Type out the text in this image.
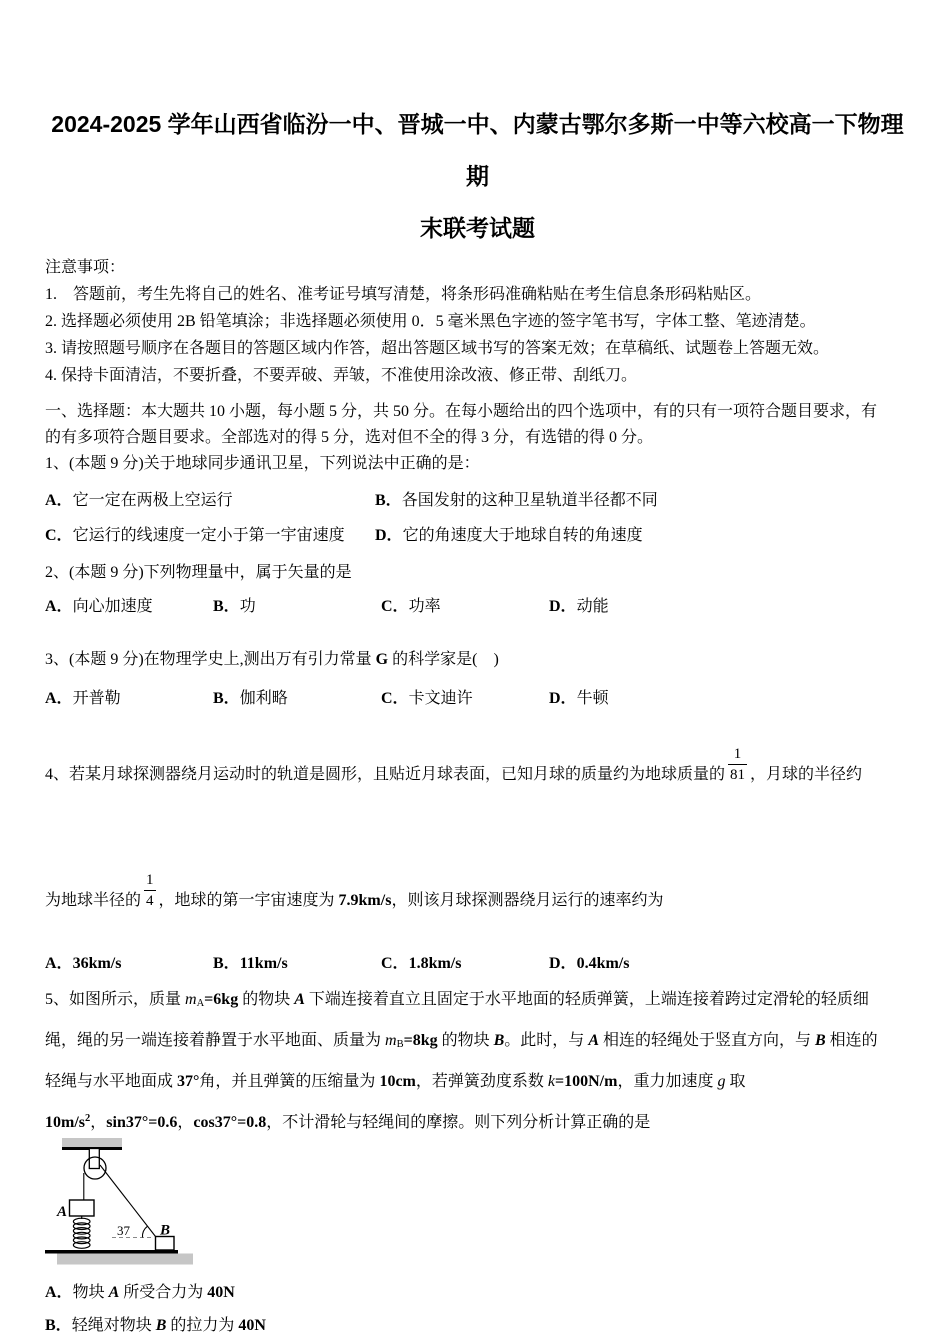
2024-2025 学年山西省临汾一中、晋城一中、内蒙古鄂尔多斯一中等六校高一下物理期
末联考试题
注意事项：
1.　答题前，考生先将自己的姓名、准考证号填写清楚，将条形码准确粘贴在考生信息条形码粘贴区。
2. 选择题必须使用 2B 铅笔填涂；非选择题必须使用 0．5 毫米黑色字迹的签字笔书写，字体工整、笔迹清楚。
3. 请按照题号顺序在各题目的答题区域内作答，超出答题区域书写的答案无效；在草稿纸、试题卷上答题无效。
4. 保持卡面清洁，不要折叠，不要弄破、弄皱，不准使用涂改液、修正带、刮纸刀。
一、选择题：本大题共 10 小题，每小题 5 分，共 50 分。在每小题给出的四个选项中，有的只有一项符合题目要求，有
的有多项符合题目要求。全部选对的得 5 分，选对但不全的得 3 分，有选错的得 0 分。
1、(本题 9 分)关于地球同步通讯卫星，下列说法中正确的是：
A．它一定在两极上空运行	B．各国发射的这种卫星轨道半径都不同
C．它运行的线速度一定小于第一宇宙速度	D．它的角速度大于地球自转的角速度
2、(本题 9 分)下列物理量中，属于矢量的是
A．向心加速度	B．功	C．功率	D．动能
3、(本题 9 分)在物理学史上,测出万有引力常量 G 的科学家是(　)
A．开普勒	B．伽利略	C．卡文迪许	D．牛顿
4、若某月球探测器绕月运动时的轨道是圆形，且贴近月球表面，已知月球的质量约为地球质量的 $\frac{1}{81}$ ，月球的半径约
为地球半径的 $\frac{1}{4}$ ，地球的第一宇宙速度为 7.9km/s，则该月球探测器绕月运行的速率约为
A．36km/s	B．11km/s	C．1.8km/s	D．0.4km/s
5、如图所示，质量 mA=6kg 的物块 A 下端连接着直立且固定于水平地面的轻质弹簧，上端连接着跨过定滑轮的轻质细
绳，绳的另一端连接着静置于水平地面、质量为 mB=8kg 的物块 B。此时，与 A 相连的轻绳处于竖直方向，与 B 相连的
轻绳与水平地面成 37°角，并且弹簧的压缩量为 10cm，若弹簧劲度系数 k=100N/m，重力加速度 g 取
$10m/s^2$，sin37°=0.6，cos37°=0.8，不计滑轮与轻绳间的摩擦。则下列分析计算正确的是
A
37 B
A．物块 A 所受合力为 40N
B．轻绳对物块 B 的拉力为 40N
